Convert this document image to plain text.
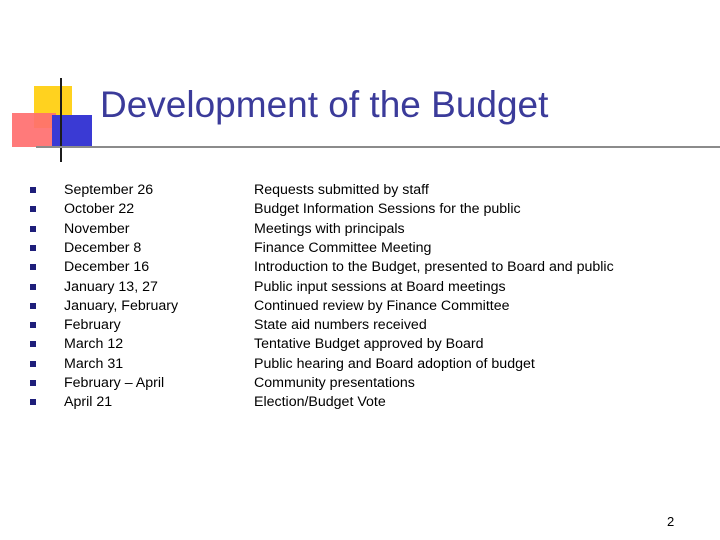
Development of the Budget
September 26	Requests submitted by staff
October 22	Budget Information Sessions for the public
November	Meetings with principals
December 8	Finance Committee Meeting
December 16	Introduction to the Budget, presented to Board and public
January 13, 27	Public input sessions at Board meetings
January, February	Continued review by Finance Committee
February	State aid numbers received
March 12	Tentative Budget approved by Board
March 31	Public hearing and Board adoption of budget
February – April	Community presentations
April 21	Election/Budget Vote
2
